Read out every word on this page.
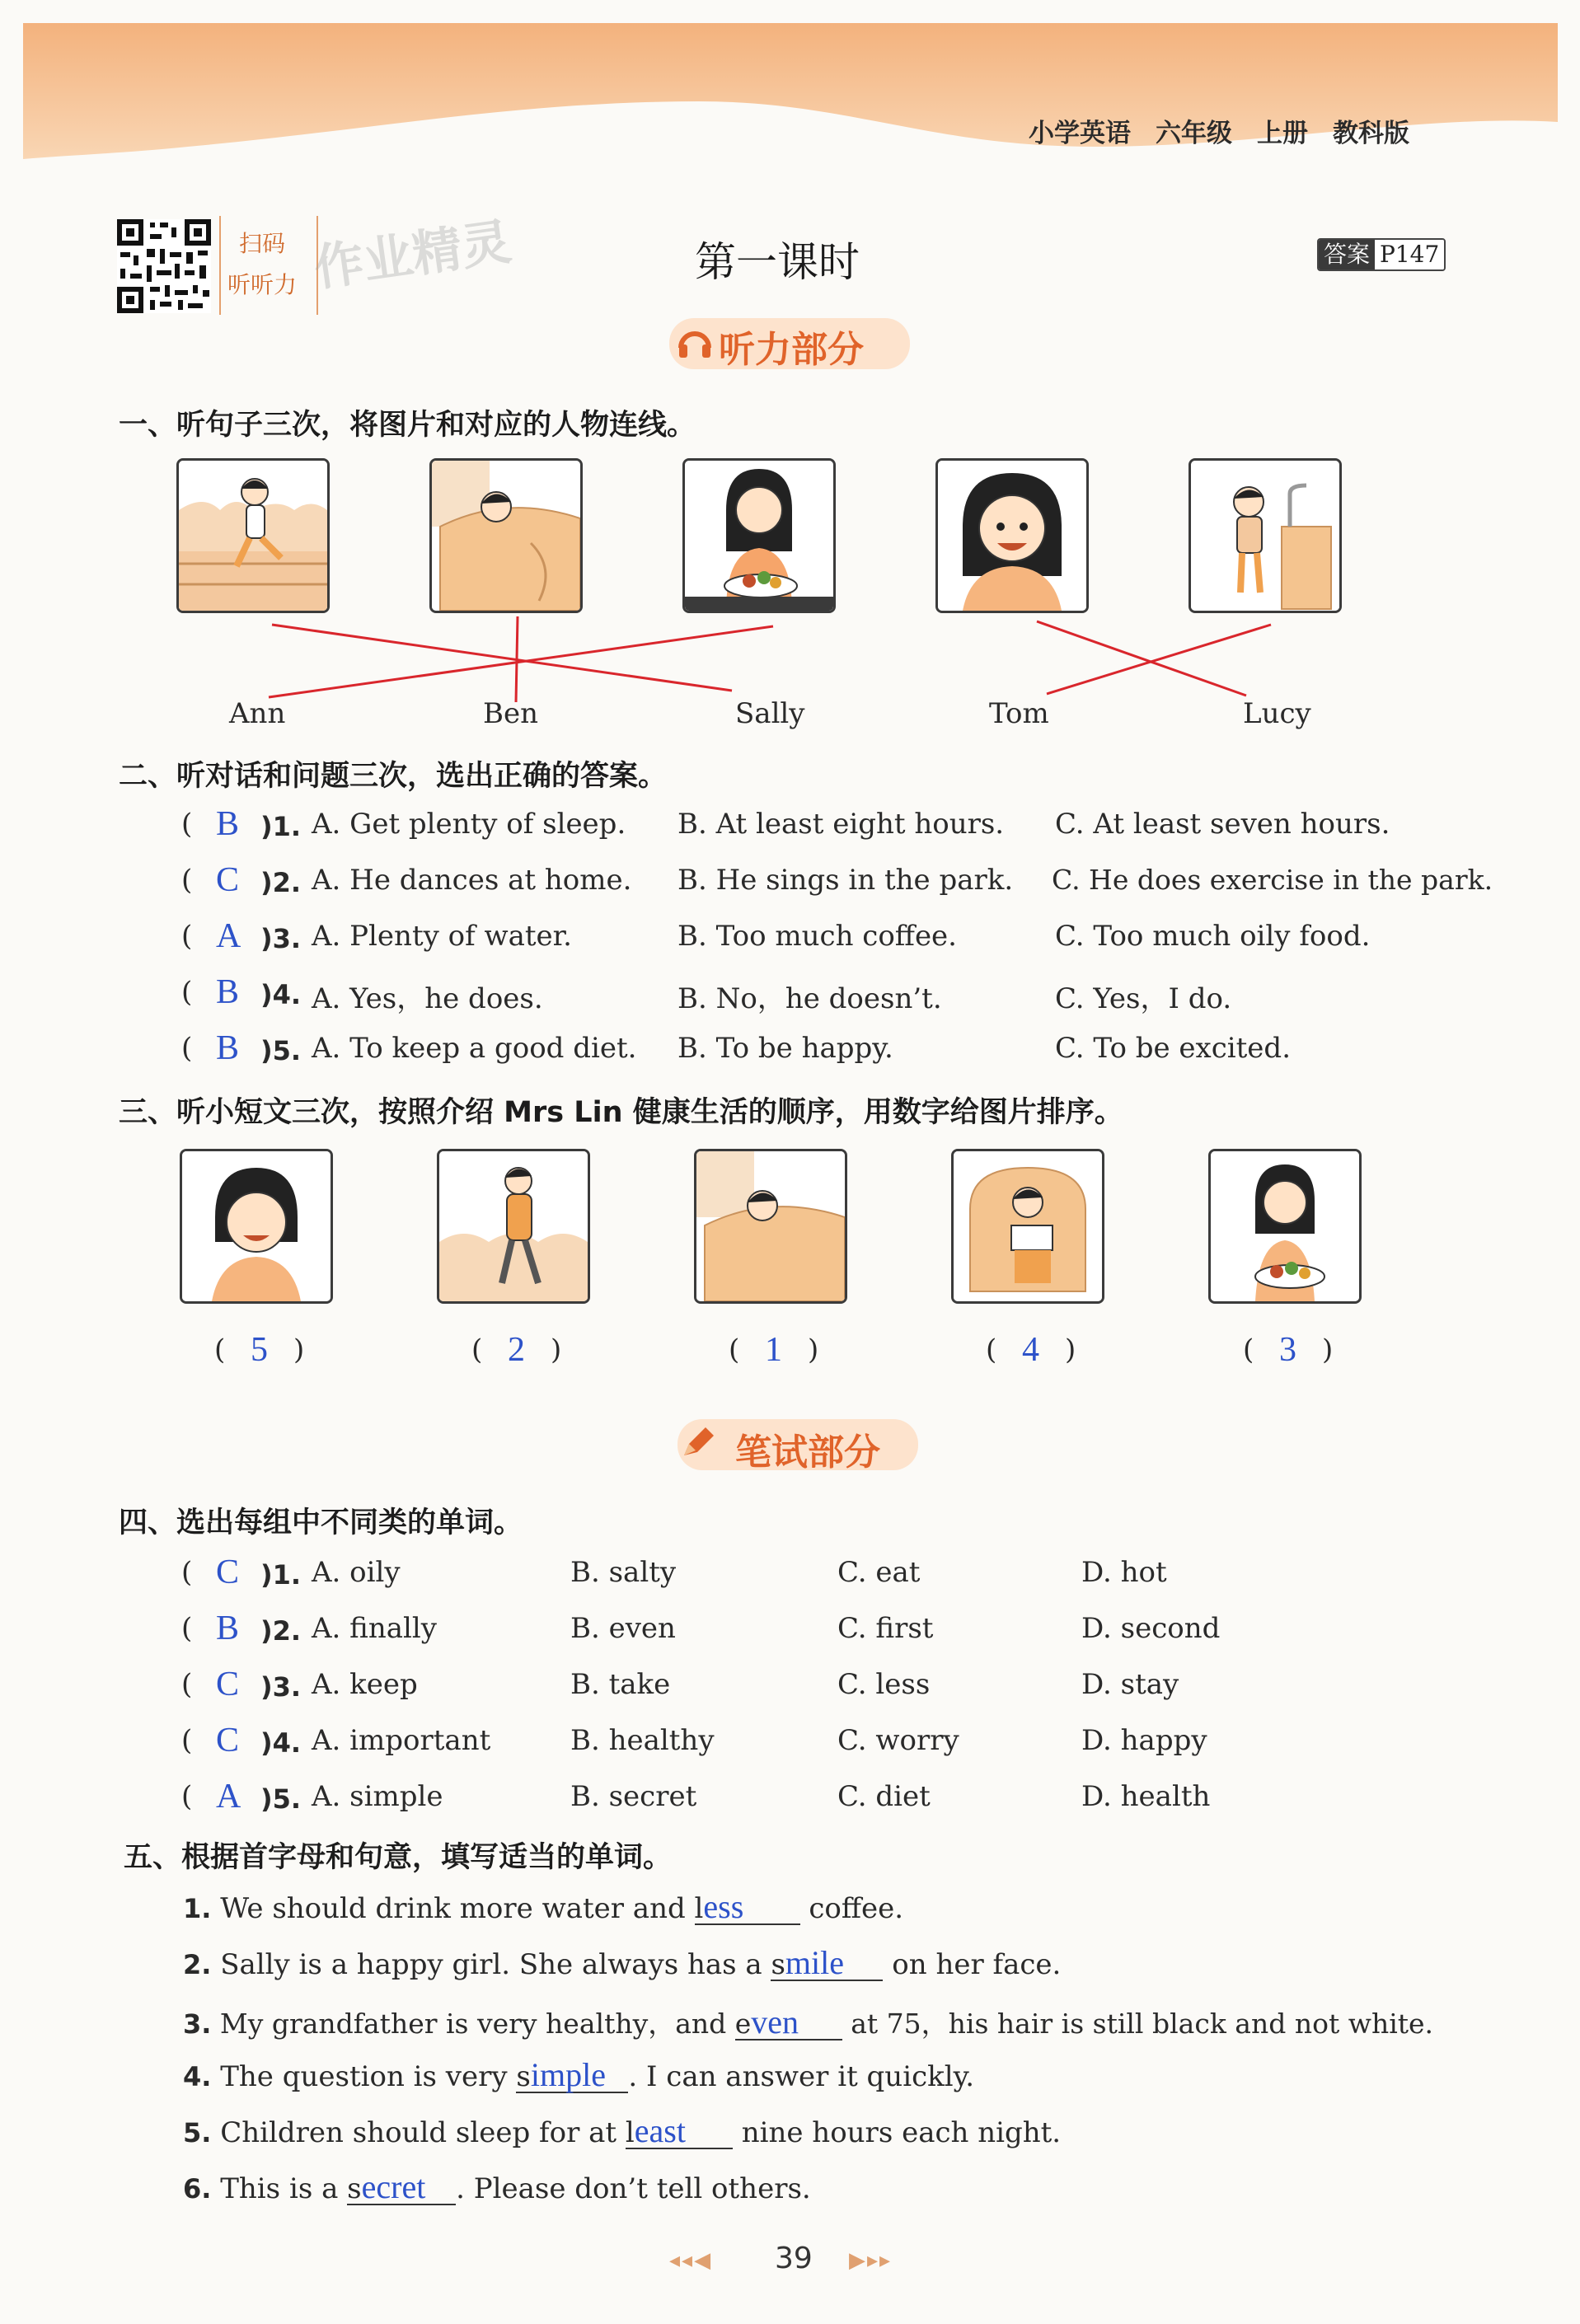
小学英语 六年级 上册 教科版
扫码
听听力 作业精灵	第一课时	答案 P147
听力部分
一、听句子三次，将图片和对应的人物连线。
Ann	Ben	Sally	Tom	Lucy
二、听对话和问题三次，选出正确的答案。
( B )1. A. Get plenty of sleep. B. At least eight hours. C. At least seven hours.
( C )2. A. He dances at home. B. He sings in the park. C. He does exercise in the park.
( A )3. A. Plenty of water.	B. Too much coffee.	C. Too much oily food.
( B )4. A. Yes，he does.	B. No，he doesn’t.	C. Yes，I do.
( B )5. A. To keep a good diet. B. To be happy.	C. To be excited.
三、听小短文三次，按照介绍 Mrs Lin 健康生活的顺序，用数字给图片排序。
( 5 )	( 2 )	( 1 )	( 4 )	( 3 )
笔试部分
四、选出每组中不同类的单词。
( C )1. A. oily	B. salty	C. eat	D. hot
( B )2. A. finally	B. even	C. first	D. second
( C )3. A. keep	B. take	C. less	D. stay
( C )4. A. important	B. healthy	C. worry	D. happy
( A )5. A. simple	B. secret	C. diet	D. health
五、根据首字母和句意，填写适当的单词。
1. We should drink more water and less coffee.
2. Sally is a happy girl. She always has a smile on her face.
3. My grandfather is very healthy，and even at 75，his hair is still black and not white.
4. The question is very simple . I can answer it quickly.
5. Children should sleep for at least nine hours each night.
6. This is a secret . Please don’t tell others.
◂◂◀ 39 ▶▸▸
